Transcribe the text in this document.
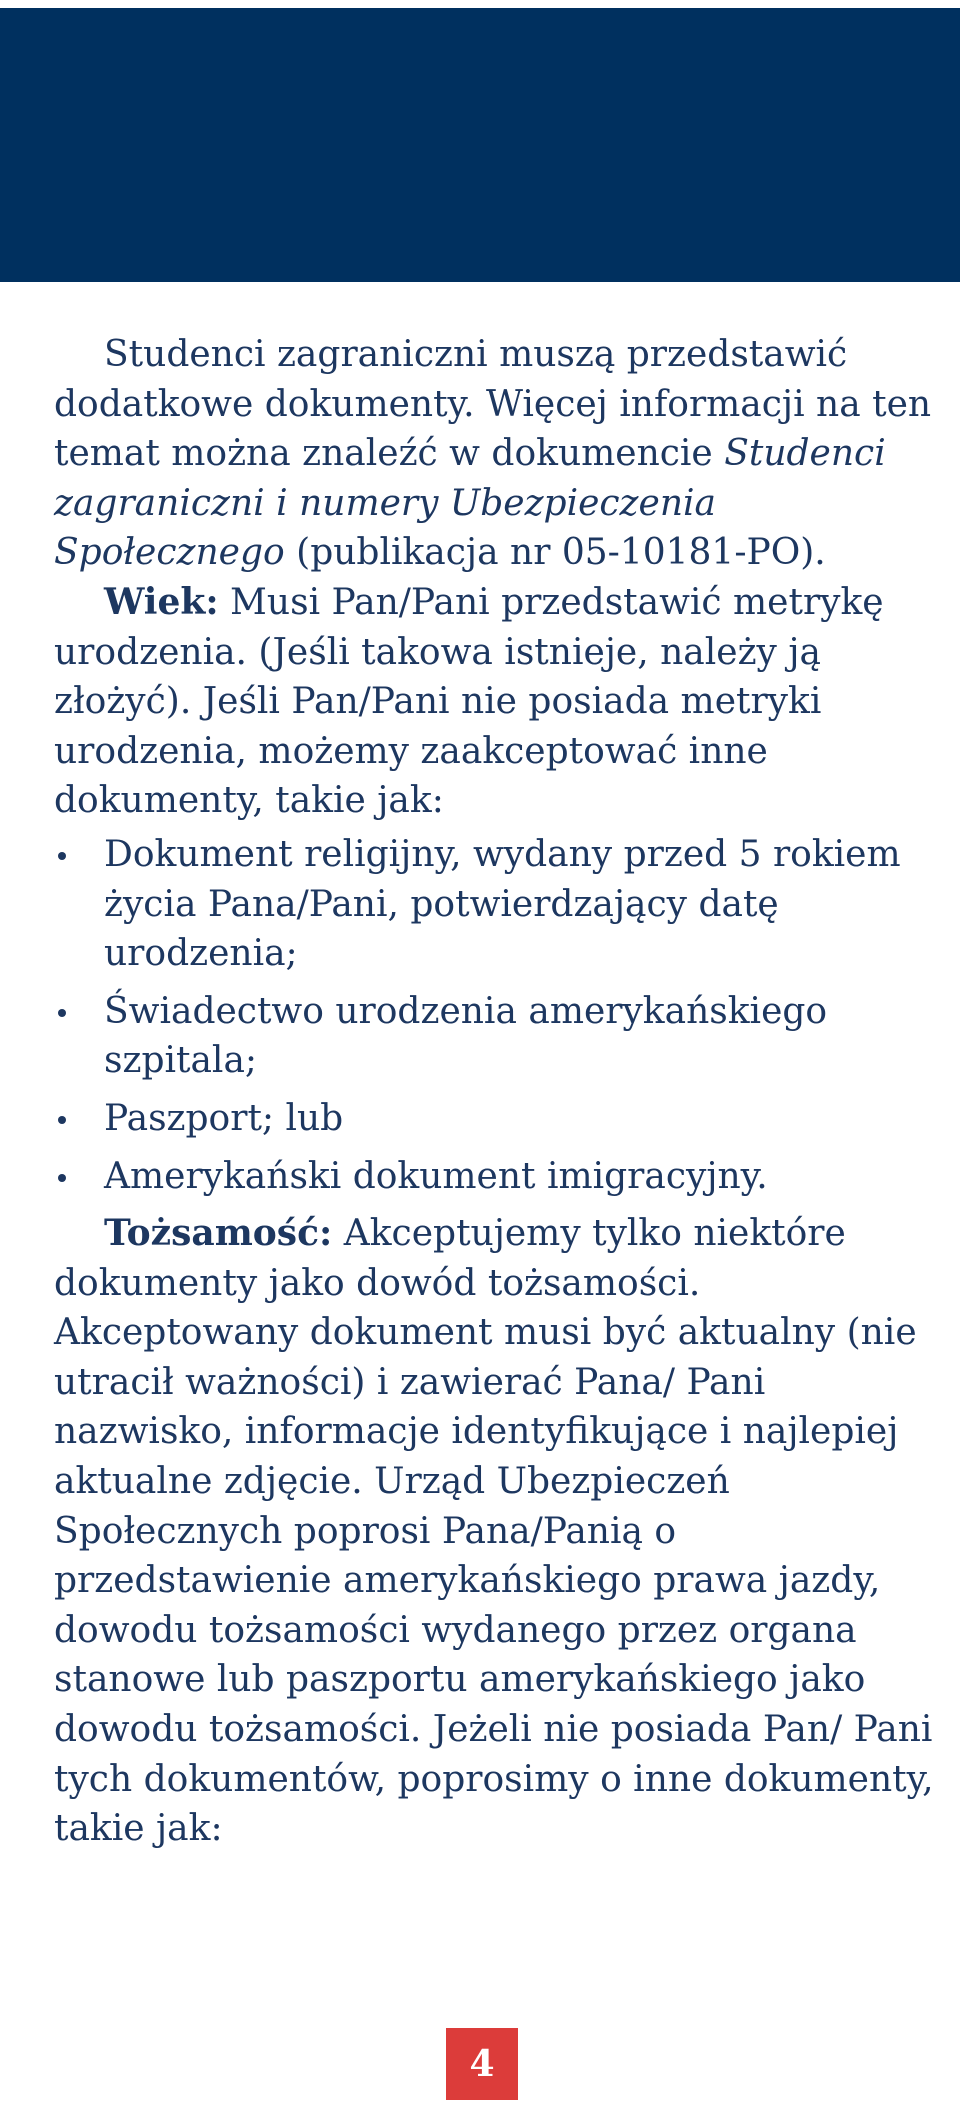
Studenci zagraniczni muszą przedstawić dodatkowe dokumenty. Więcej informacji na ten temat można znaleźć w dokumencie Studenci zagraniczni i numery Ubezpieczenia Społecznego (publikacja nr 05-10181-PO).

Wiek: Musi Pan/Pani przedstawić metrykę urodzenia. (Jeśli takowa istnieje, należy ją złożyć). Jeśli Pan/Pani nie posiada metryki urodzenia, możemy zaakceptować inne dokumenty, takie jak:

Dokument religijny, wydany przed 5 rokiem życia Pana/Pani, potwierdzający datę urodzenia;
Świadectwo urodzenia amerykańskiego szpitala;
Paszport; lub
Amerykański dokument imigracyjny.

Tożsamość: Akceptujemy tylko niektóre dokumenty jako dowód tożsamości. Akceptowany dokument musi być aktualny (nie utracił ważności) i zawierać Pana/ Pani nazwisko, informacje identyfikujące i najlepiej aktualne zdjęcie. Urząd Ubezpieczeń Społecznych poprosi Pana/Panią o przedstawienie amerykańskiego prawa jazdy, dowodu tożsamości wydanego przez organa stanowe lub paszportu amerykańskiego jako dowodu tożsamości. Jeżeli nie posiada Pan/ Pani tych dokumentów, poprosimy o inne dokumenty, takie jak:

4
